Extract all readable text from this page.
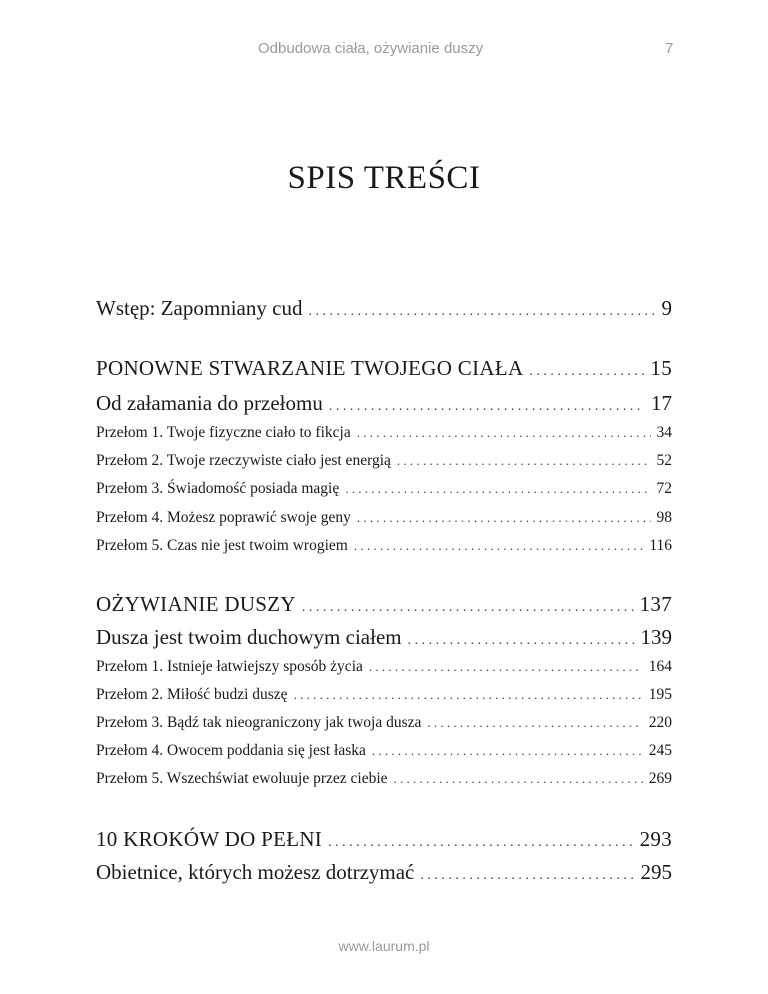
Odbudowa ciała, ożywianie duszy	7
SPIS TREŚCI
Wstęp: Zapomniany cud . . .	9
PONOWNE STWARZANIE TWOJEGO CIAŁA . . .	15
Od załamania do przełomu . . .	17
Przełom 1. Twoje fizyczne ciało to fikcja . . .	34
Przełom 2. Twoje rzeczywiste ciało jest energią . . .	52
Przełom 3. Świadomość posiada magię . . .	72
Przełom 4. Możesz poprawić swoje geny . . .	98
Przełom 5. Czas nie jest twoim wrogiem . . .	116
OŻYWIANIE DUSZY . . .	137
Dusza jest twoim duchowym ciałem . . .	139
Przełom 1. Istnieje łatwiejszy sposób życia . . .	164
Przełom 2. Miłość budzi duszę . . .	195
Przełom 3. Bądź tak nieograniczony jak twoja dusza . . .	220
Przełom 4. Owocem poddania się jest łaska . . .	245
Przełom 5. Wszechświat ewoluuje przez ciebie . . .	269
10 KROKÓW DO PEŁNI . . .	293
Obietnice, których możesz dotrzymać . . .	295
www.laurum.pl
